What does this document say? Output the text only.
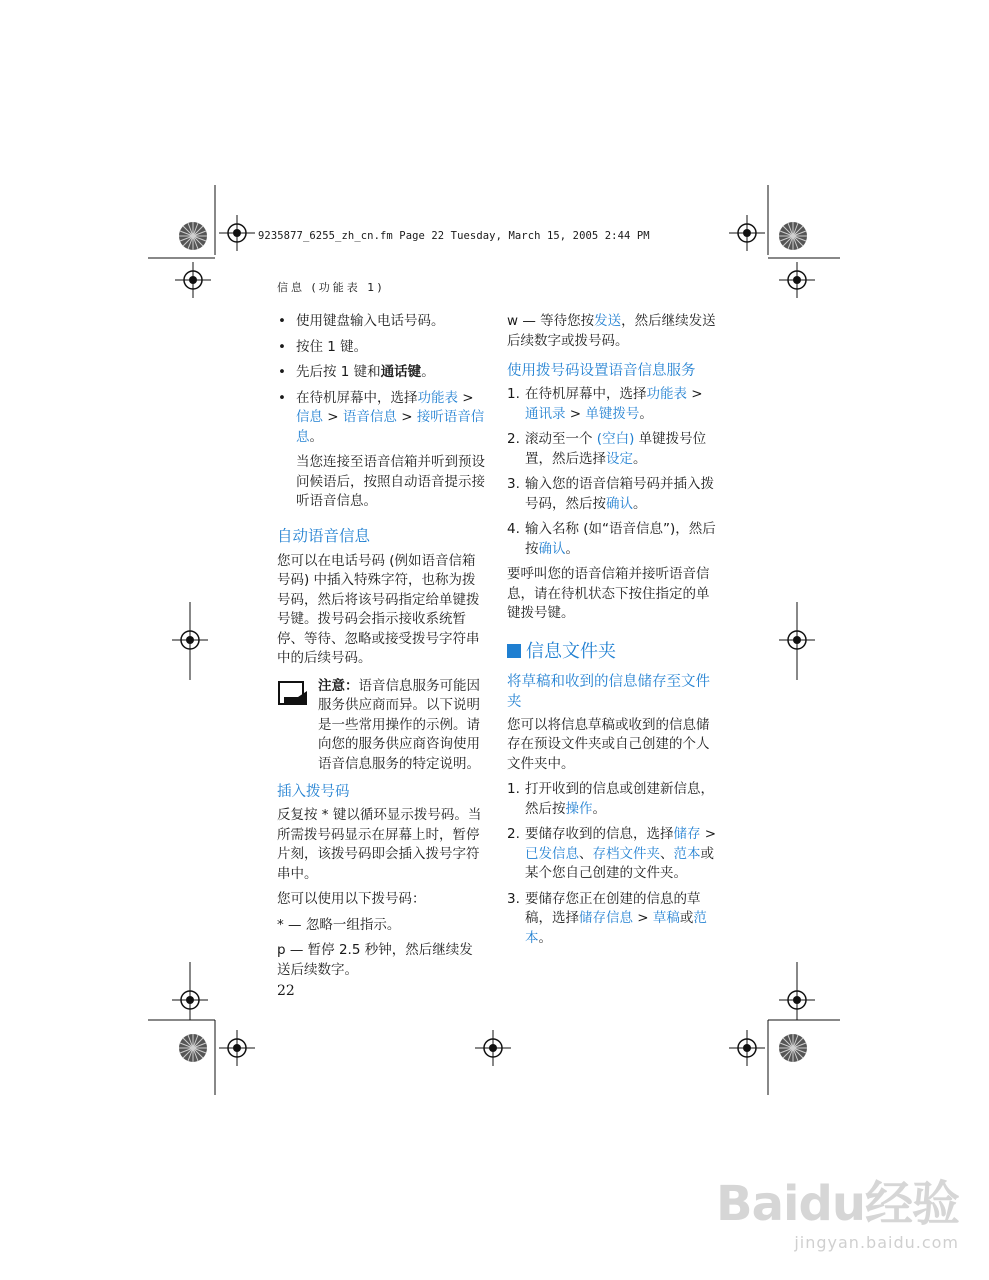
9235877_6255_zh_cn.fm Page 22 Tuesday, March 15, 2005 2:44 PM
信息 (功能表 1)
• 使用键盘输入电话号码。
• 按住 1 键。
• 先后按 1 键和通话键。
• 在待机屏幕中，选择功能表 > 信息 > 语音信息 > 接听语音信息。
当您连接至语音信箱并听到预设问候语后，按照自动语音提示接听语音信息。
自动语音信息

您可以在电话号码 (例如语音信箱号码) 中插入特殊字符，也称为拨号码，然后将该号码指定给单键拨号键。拨号码会指示接收系统暂停、等待、忽略或接受拨号字符串中的后续号码。

注意：语音信息服务可能因服务供应商而异。以下说明是一些常用操作的示例。请向您的服务供应商咨询使用语音信息服务的特定说明。
插入拨号码

反复按 * 键以循环显示拨号码。当所需拨号码显示在屏幕上时，暂停片刻，该拨号码即会插入拨号字符串中。

您可以使用以下拨号码：

* — 忽略一组指示。

p — 暂停 2.5 秒钟，然后继续发送后续数字。

w — 等待您按发送，然后继续发送后续数字或拨号码。

使用拨号码设置语音信息服务
1. 在待机屏幕中，选择功能表 > 通讯录 > 单键拨号。
2. 滚动至一个 (空白) 单键拨号位置，然后选择设定。
3. 输入您的语音信箱号码并插入拨号码，然后按确认。
4. 输入名称 (如“语音信息”)，然后按确认。

要呼叫您的语音信箱并接听语音信息，请在待机状态下按住指定的单键拨号键。

信息文件夹
将草稿和收到的信息储存至文件夹

您可以将信息草稿或收到的信息储存在预设文件夹或自己创建的个人文件夹中。

1. 打开收到的信息或创建新信息，然后按操作。
2. 要储存收到的信息，选择储存 > 已发信息、存档文件夹、范本或某个您自己创建的文件夹。
3. 要储存您正在创建的信息的草稿，选择储存信息 > 草稿或范本。
22
Baidu经验
jingyan.baidu.com
